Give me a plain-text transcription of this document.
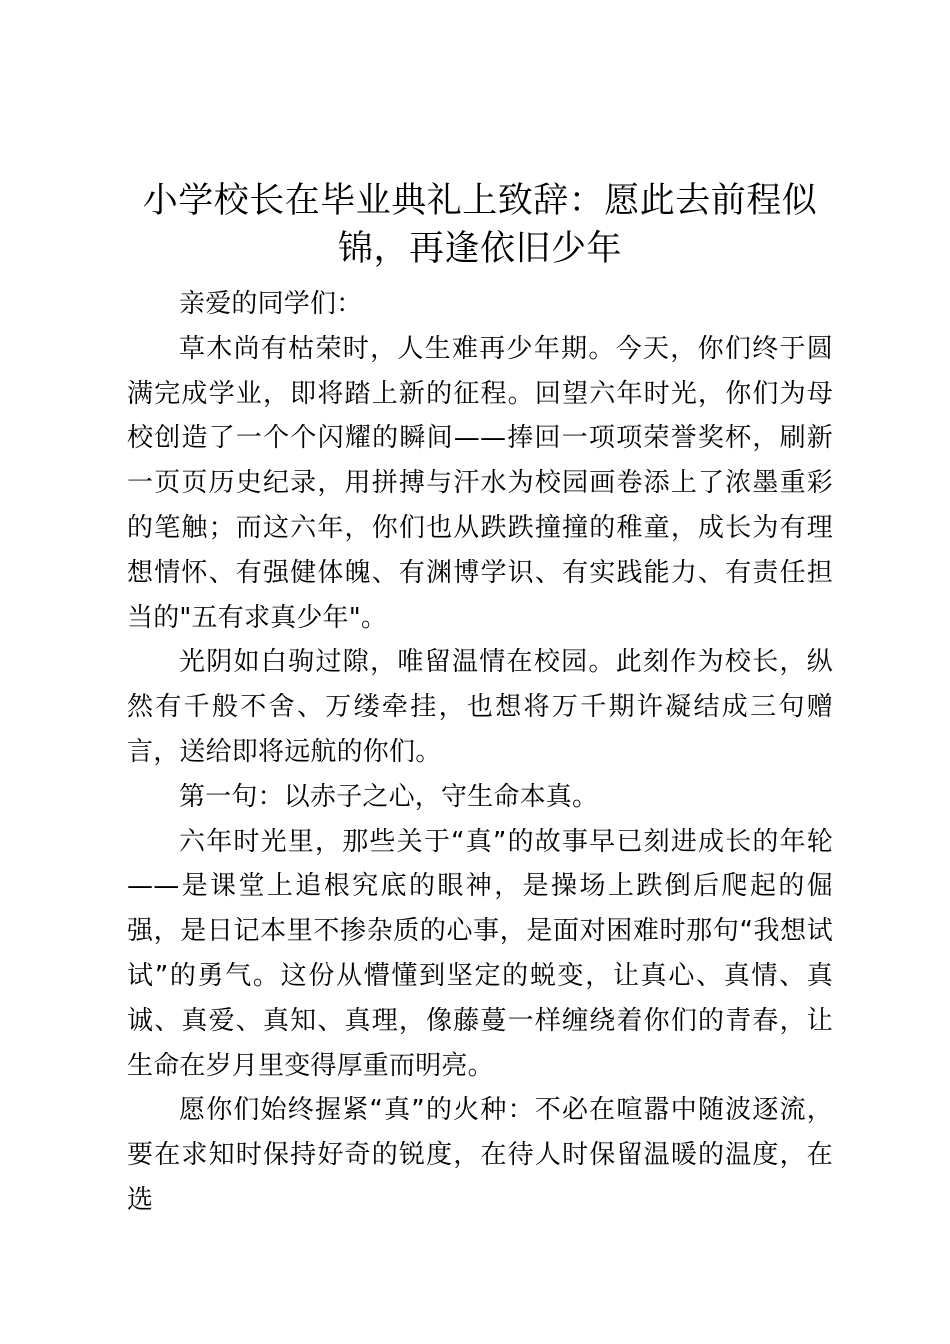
小学校长在毕业典礼上致辞：愿此去前程似锦，再逢依旧少年

亲爱的同学们：

草木尚有枯荣时，人生难再少年期。今天，你们终于圆满完成学业，即将踏上新的征程。回望六年时光，你们为母校创造了一个个闪耀的瞬间——捧回一项项荣誉奖杯，刷新一页页历史纪录，用拼搏与汗水为校园画卷添上了浓墨重彩的笔触；而这六年，你们也从跌跌撞撞的稚童，成长为有理想情怀、有强健体魄、有渊博学识、有实践能力、有责任担当的"五有求真少年"。

光阴如白驹过隙，唯留温情在校园。此刻作为校长，纵然有千般不舍、万缕牵挂，也想将万千期许凝结成三句赠言，送给即将远航的你们。

第一句：以赤子之心，守生命本真。

六年时光里，那些关于“真”的故事早已刻进成长的年轮——是课堂上追根究底的眼神，是操场上跌倒后爬起的倔强，是日记本里不掺杂质的心事，是面对困难时那句“我想试试”的勇气。这份从懵懂到坚定的蜕变，让真心、真情、真诚、真爱、真知、真理，像藤蔓一样缠绕着你们的青春，让生命在岁月里变得厚重而明亮。

愿你们始终握紧“真”的火种：不必在喧嚣中随波逐流，要在求知时保持好奇的锐度，在待人时保留温暖的温度，在选
